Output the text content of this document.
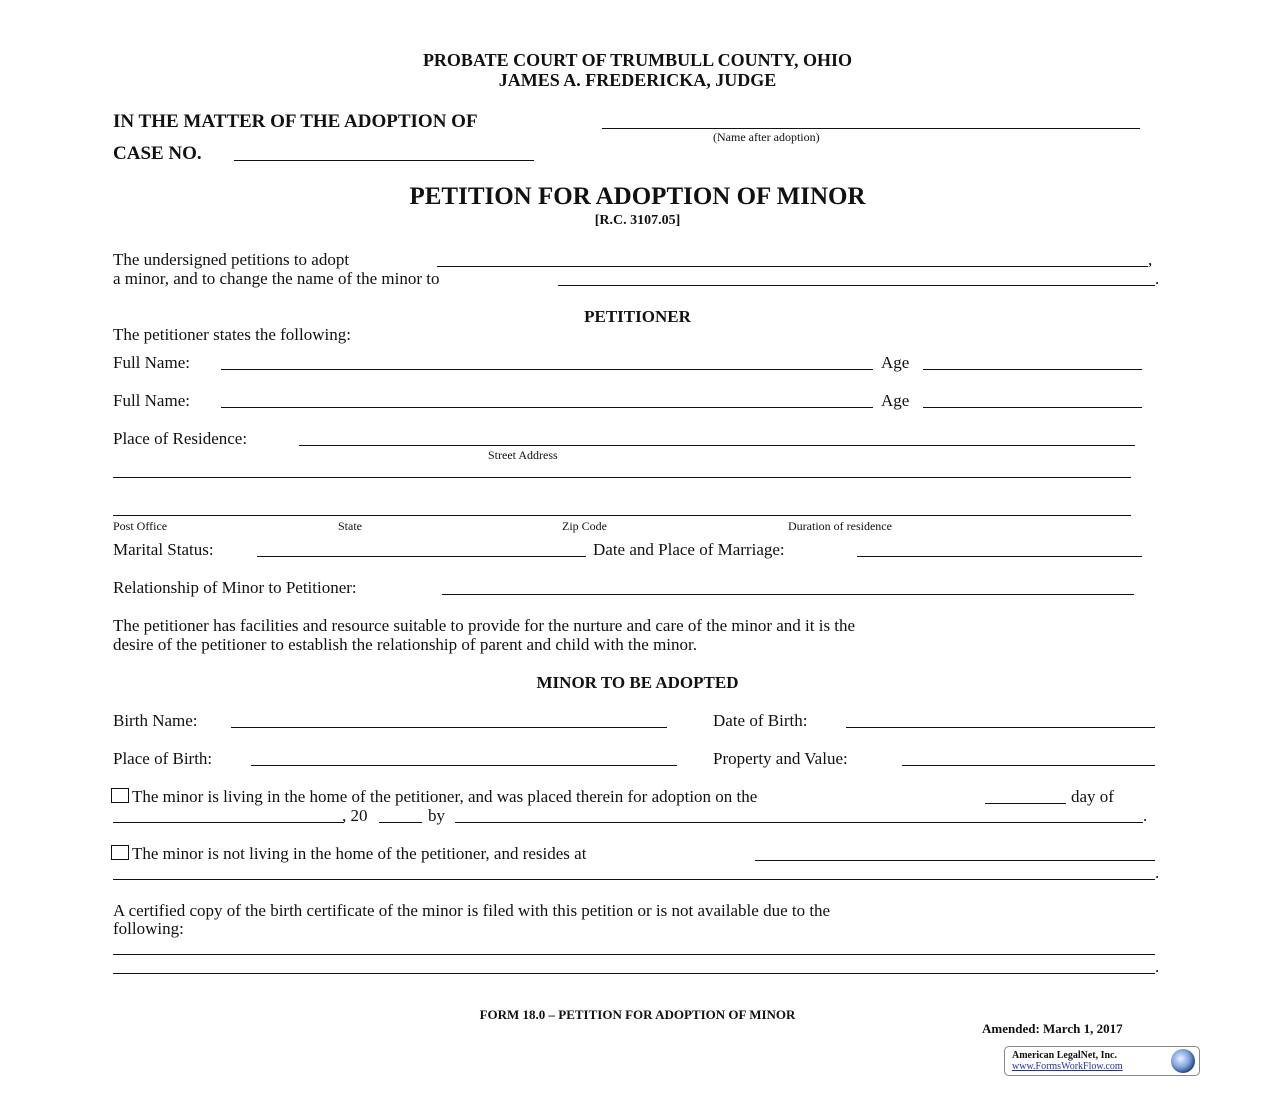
PROBATE COURT OF TRUMBULL COUNTY, OHIO
JAMES A. FREDERICKA, JUDGE
IN THE MATTER OF THE ADOPTION OF
(Name after adoption)
CASE NO.
PETITION FOR ADOPTION OF MINOR
[R.C. 3107.05]
The undersigned petitions to adopt	,
a minor, and to change the name of the minor to	.
PETITIONER
The petitioner states the following:
Full Name:	Age
Full Name:	Age
Place of Residence:
Street Address
Post Office	State	Zip Code	Duration of residence
Marital Status:	Date and Place of Marriage:
Relationship of Minor to Petitioner:
The petitioner has facilities and resource suitable to provide for the nurture and care of the minor and it is the
desire of the petitioner to establish the relationship of parent and child with the minor.
MINOR TO BE ADOPTED
Birth Name:	Date of Birth:
Place of Birth:	Property and Value:
The minor is living in the home of the petitioner, and was placed therein for adoption on the	day of
, 20	by	.
The minor is not living in the home of the petitioner, and resides at
.
A certified copy of the birth certificate of the minor is filed with this petition or is not available due to the
following:
.
FORM 18.0 – PETITION FOR ADOPTION OF MINOR
Amended: March 1, 2017
American LegalNet, Inc.
www.FormsWorkFlow.com
